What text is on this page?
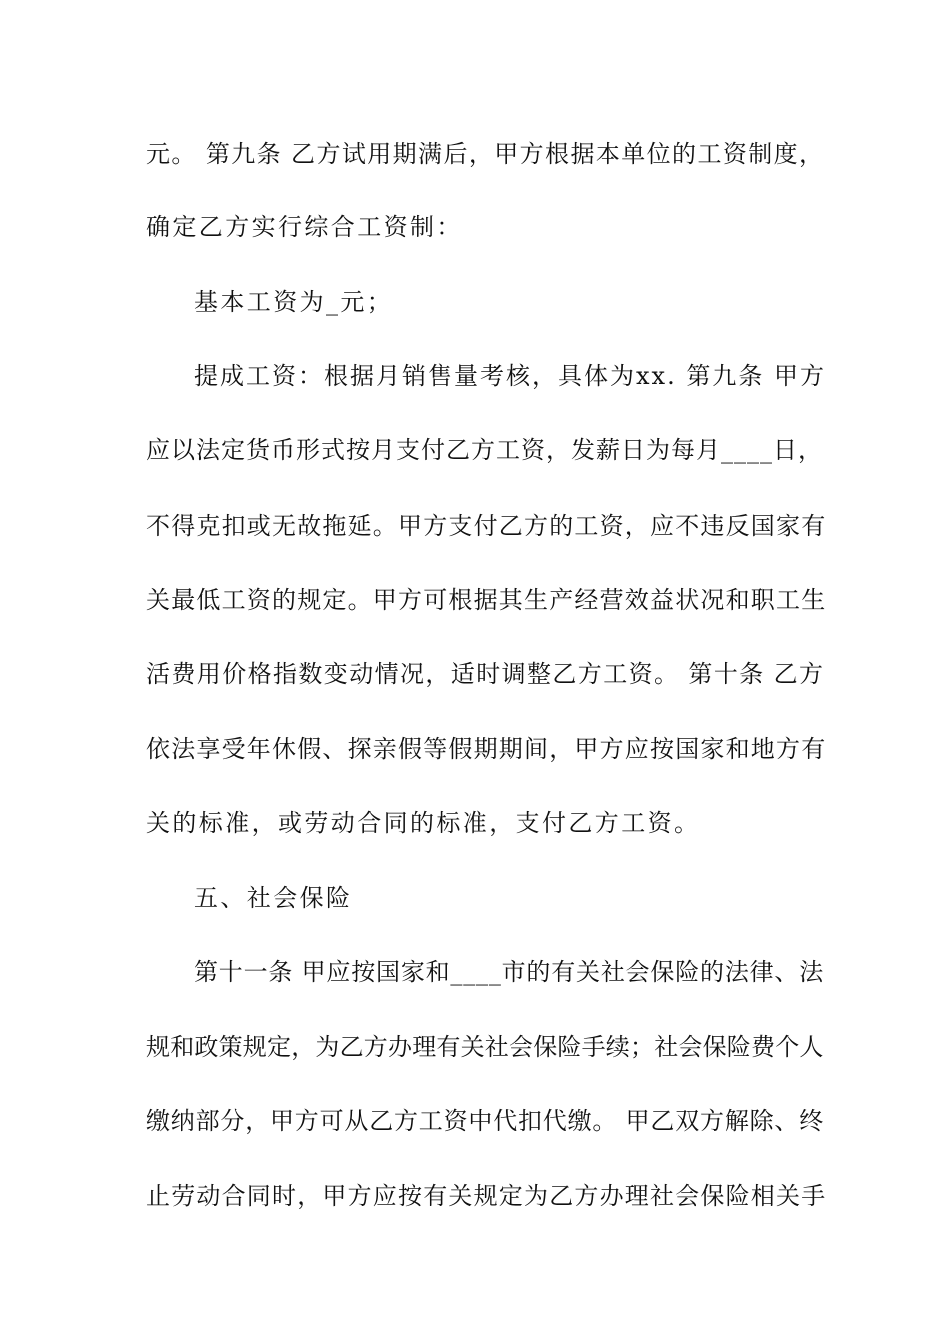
元。 第九条 乙方试用期满后，甲方根据本单位的工资制度，
确定乙方实行综合工资制：
基本工资为_元；
提成工资：根据月销售量考核，具体为xx. 第九条 甲方
应以法定货币形式按月支付乙方工资，发薪日为每月____日，
不得克扣或无故拖延。甲方支付乙方的工资，应不违反国家有
关最低工资的规定。甲方可根据其生产经营效益状况和职工生
活费用价格指数变动情况，适时调整乙方工资。 第十条 乙方
依法享受年休假、探亲假等假期期间，甲方应按国家和地方有
关的标准，或劳动合同的标准，支付乙方工资。
五、社会保险
第十一条 甲应按国家和____市的有关社会保险的法律、法
规和政策规定，为乙方办理有关社会保险手续；社会保险费个人
缴纳部分，甲方可从乙方工资中代扣代缴。 甲乙双方解除、终
止劳动合同时，甲方应按有关规定为乙方办理社会保险相关手
